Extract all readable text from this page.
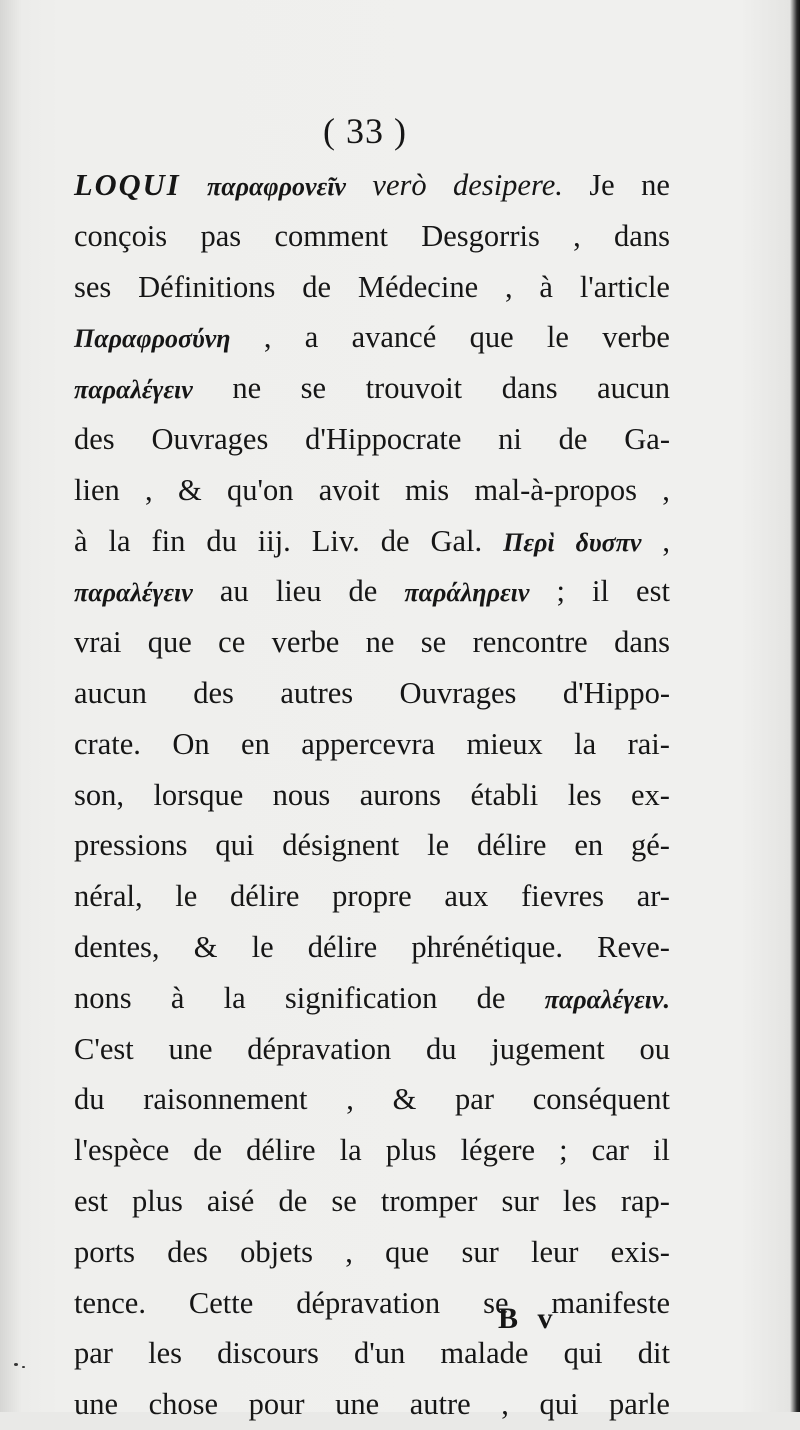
( 33 )
LOQUI παραφρονεῖν verò desipere. Je ne
conçois pas comment Desgorris , dans
ses Définitions de Médecine , à l'article
Παραφροσύνη , a avancé que le verbe
παραλέγειν ne se trouvoit dans aucun
des Ouvrages d'Hippocrate ni de Ga-
lien , & qu'on avoit mis mal-à-propos ,
à la fin du iij. Liv. de Gal. Περὶ δυσπν ,
παραλέγειν au lieu de παράληρειν ; il est
vrai que ce verbe ne se rencontre dans
aucun des autres Ouvrages d'Hippo-
crate. On en appercevra mieux la rai-
son, lorsque nous aurons établi les ex-
pressions qui désignent le délire en gé-
néral, le délire propre aux fievres ar-
dentes, & le délire phrénétique. Reve-
nons à la signification de παραλέγειν.
C'est une dépravation du jugement ou
du raisonnement , & par conséquent
l'espèce de délire la plus légere ; car il
est plus aisé de se tromper sur les rap-
ports des objets , que sur leur exis-
tence. Cette dépravation se manifeste
par les discours d'un malade qui dit
une chose pour une autre , qui parle
B v
